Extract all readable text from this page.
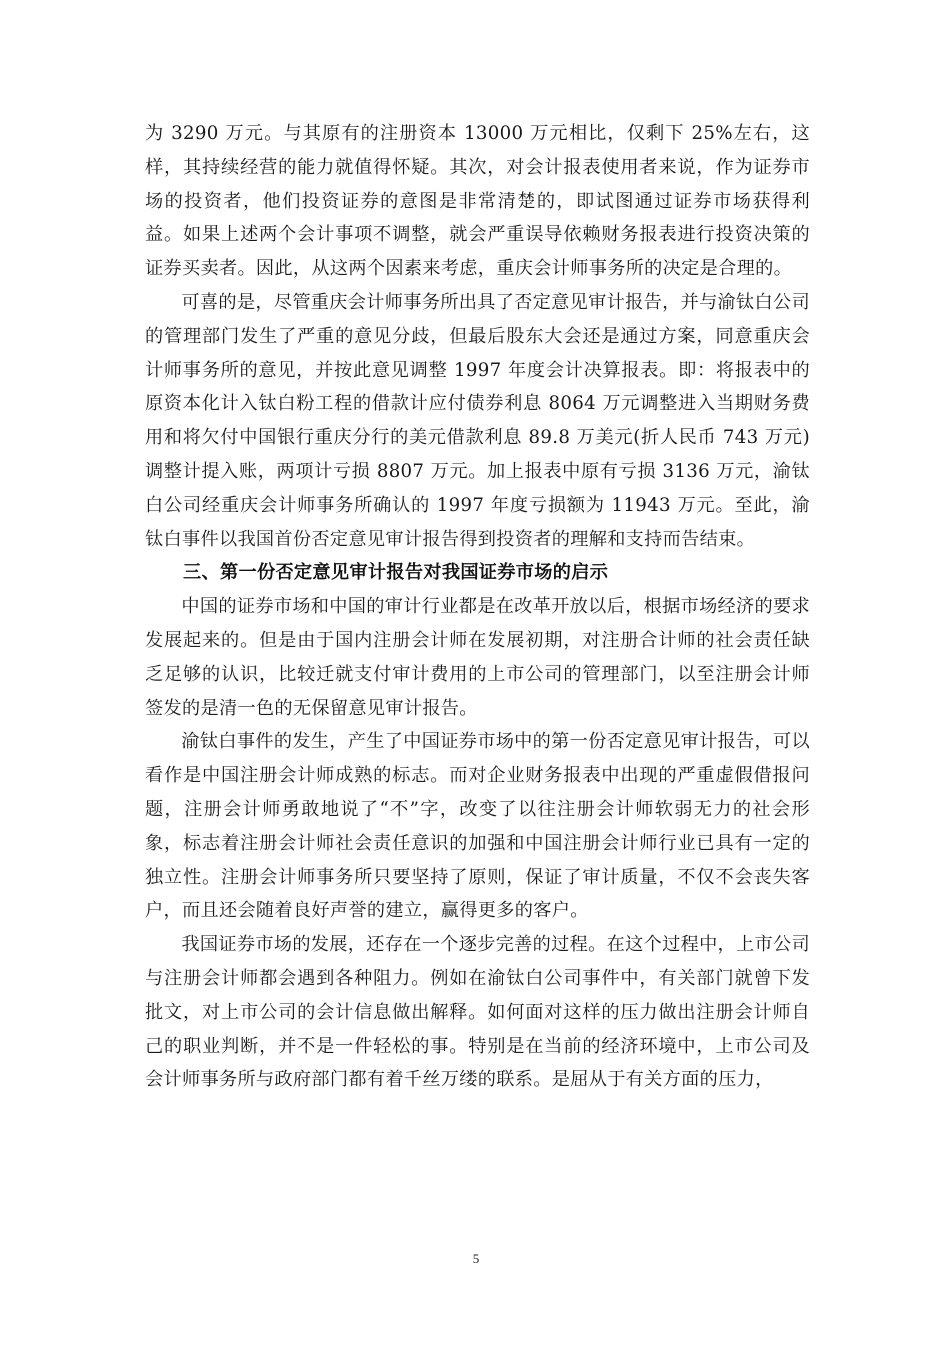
为 3290 万元。与其原有的注册资本 13000 万元相比，仅剩下 25%左右，这样，其持续经营的能力就值得怀疑。其次，对会计报表使用者来说，作为证券市场的投资者，他们投资证券的意图是非常清楚的，即试图通过证券市场获得利益。如果上述两个会计事项不调整，就会严重误导依赖财务报表进行投资决策的证券买卖者。因此，从这两个因素来考虑，重庆会计师事务所的决定是合理的。

可喜的是，尽管重庆会计师事务所出具了否定意见审计报告，并与渝钛白公司的管理部门发生了严重的意见分歧，但最后股东大会还是通过方案，同意重庆会计师事务所的意见，并按此意见调整 1997 年度会计决算报表。即：将报表中的原资本化计入钛白粉工程的借款计应付债券利息 8064 万元调整进入当期财务费用和将欠付中国银行重庆分行的美元借款利息 89.8 万美元(折人民币 743 万元)调整计提入账，两项计亏损 8807 万元。加上报表中原有亏损 3136 万元，渝钛白公司经重庆会计师事务所确认的 1997 年度亏损额为 11943 万元。至此，渝钛白事件以我国首份否定意见审计报告得到投资者的理解和支持而告结束。

三、第一份否定意见审计报告对我国证券市场的启示

中国的证券市场和中国的审计行业都是在改革开放以后，根据市场经济的要求发展起来的。但是由于国内注册会计师在发展初期，对注册合计师的社会责任缺乏足够的认识，比较迁就支付审计费用的上市公司的管理部门，以至注册会计师签发的是清一色的无保留意见审计报告。

渝钛白事件的发生，产生了中国证券市场中的第一份否定意见审计报告，可以看作是中国注册会计师成熟的标志。而对企业财务报表中出现的严重虚假借报问题，注册会计师勇敢地说了“不”字，改变了以往注册会计师软弱无力的社会形象，标志着注册会计师社会责任意识的加强和中国注册会计师行业已具有一定的独立性。注册会计师事务所只要坚持了原则，保证了审计质量，不仅不会丧失客户，而且还会随着良好声誉的建立，赢得更多的客户。

我国证券市场的发展，还存在一个逐步完善的过程。在这个过程中，上市公司与注册会计师都会遇到各种阻力。例如在渝钛白公司事件中，有关部门就曾下发批文，对上市公司的会计信息做出解释。如何面对这样的压力做出注册会计师自己的职业判断，并不是一件轻松的事。特别是在当前的经济环境中，上市公司及会计师事务所与政府部门都有着千丝万缕的联系。是屈从于有关方面的压力，

5
